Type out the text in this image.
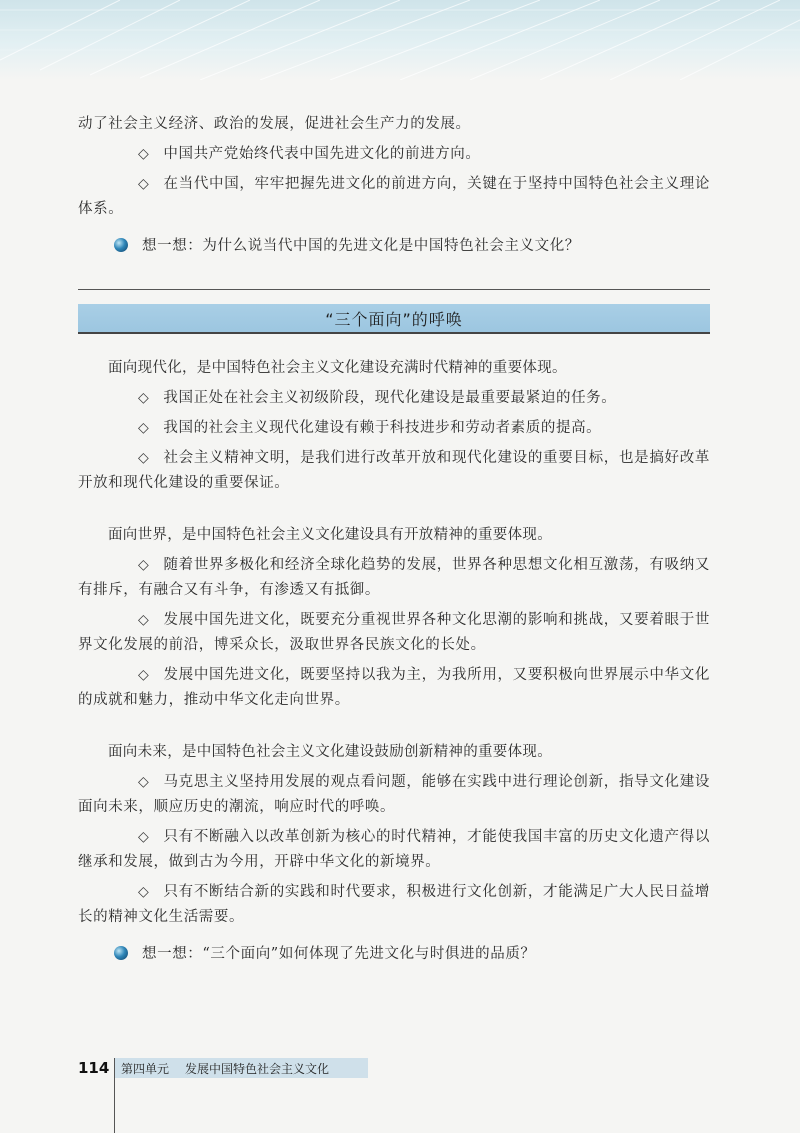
动了社会主义经济、政治的发展，促进社会生产力的发展。

◇ 中国共产党始终代表中国先进文化的前进方向。

◇ 在当代中国，牢牢把握先进文化的前进方向，关键在于坚持中国特色社会主义理论体系。

想一想：为什么说当代中国的先进文化是中国特色社会主义文化？
“三个面向”的呼唤

面向现代化，是中国特色社会主义文化建设充满时代精神的重要体现。

◇ 我国正处在社会主义初级阶段，现代化建设是最重要最紧迫的任务。

◇ 我国的社会主义现代化建设有赖于科技进步和劳动者素质的提高。

◇ 社会主义精神文明，是我们进行改革开放和现代化建设的重要目标，也是搞好改革开放和现代化建设的重要保证。

面向世界，是中国特色社会主义文化建设具有开放精神的重要体现。

◇ 随着世界多极化和经济全球化趋势的发展，世界各种思想文化相互激荡，有吸纳又有排斥，有融合又有斗争，有渗透又有抵御。

◇ 发展中国先进文化，既要充分重视世界各种文化思潮的影响和挑战，又要着眼于世界文化发展的前沿，博采众长，汲取世界各民族文化的长处。

◇ 发展中国先进文化，既要坚持以我为主，为我所用，又要积极向世界展示中华文化的成就和魅力，推动中华文化走向世界。

面向未来，是中国特色社会主义文化建设鼓励创新精神的重要体现。

◇ 马克思主义坚持用发展的观点看问题，能够在实践中进行理论创新，指导文化建设面向未来，顺应历史的潮流，响应时代的呼唤。

◇ 只有不断融入以改革创新为核心的时代精神，才能使我国丰富的历史文化遗产得以继承和发展，做到古为今用，开辟中华文化的新境界。

◇ 只有不断结合新的实践和时代要求，积极进行文化创新，才能满足广大人民日益增长的精神文化生活需要。

想一想：“三个面向”如何体现了先进文化与时俱进的品质？
114 第四单元 发展中国特色社会主义文化
